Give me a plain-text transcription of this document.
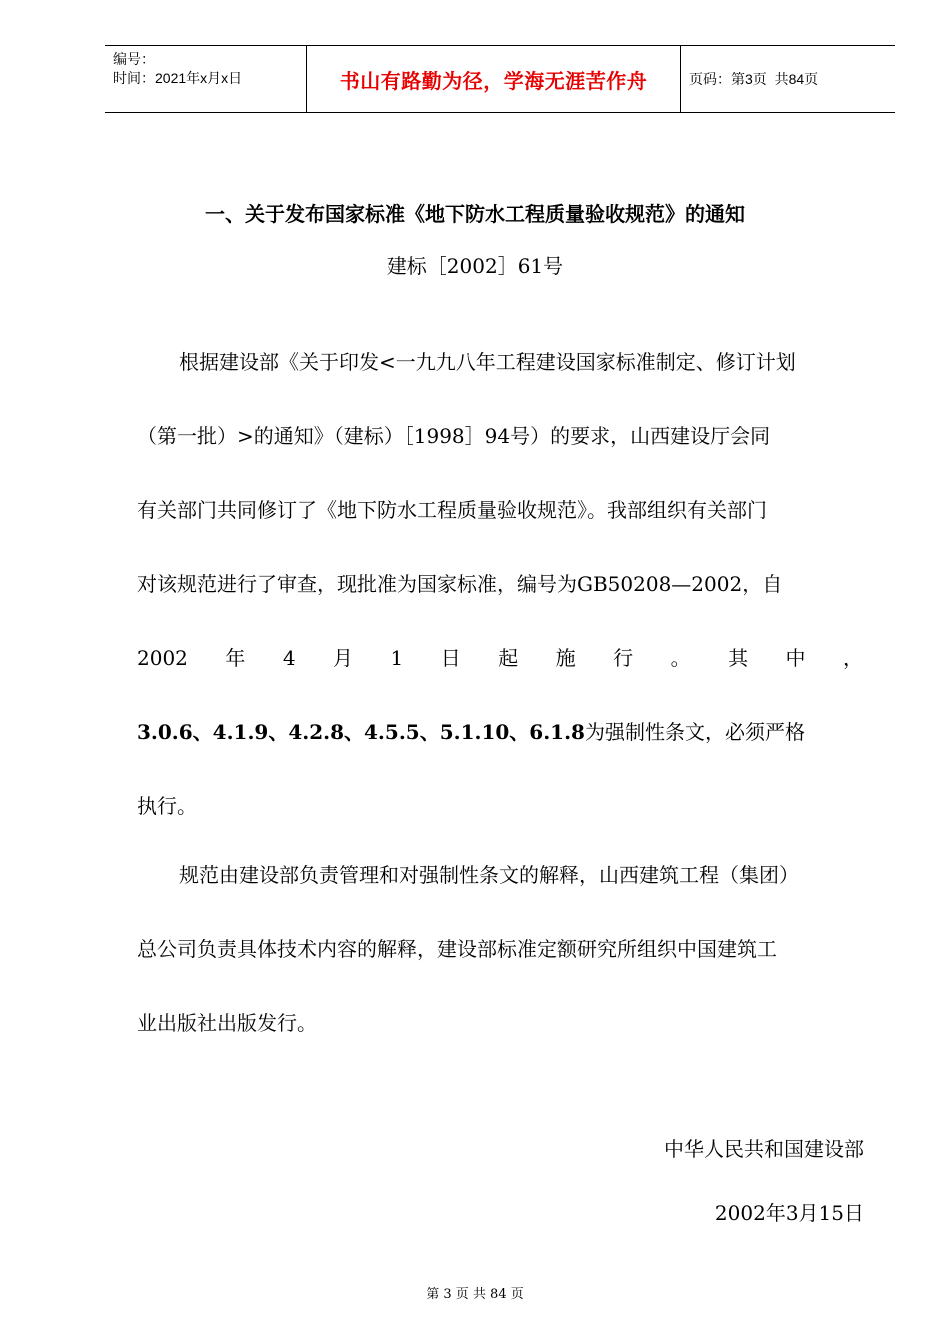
编号：
时间：2021年x月x日	书山有路勤为径，学海无涯苦作舟	页码：第3页  共84页
一、关于发布国家标准《地下防水工程质量验收规范》的通知

建标［2002］61号

根据建设部《关于印发<一九九八年工程建设国家标准制定、修订计划
（第一批）>的通知》（建标）［1998］94号）的要求，山西建设厅会同
有关部门共同修订了《地下防水工程质量验收规范》。我部组织有关部门
对该规范进行了审查，现批准为国家标准，编号为GB50208—2002，自
2002 年 4 月 1 日 起 施 行 。 其 中 ，
3.0.6、4.1.9、4.2.8、4.5.5、5.1.10、6.1.8为强制性条文，必须严格
执行。
规范由建设部负责管理和对强制性条文的解释，山西建筑工程（集团）
总公司负责具体技术内容的解释，建设部标准定额研究所组织中国建筑工
业出版社出版发行。

中华人民共和国建设部

2002年3月15日

第 3 页 共 84 页
